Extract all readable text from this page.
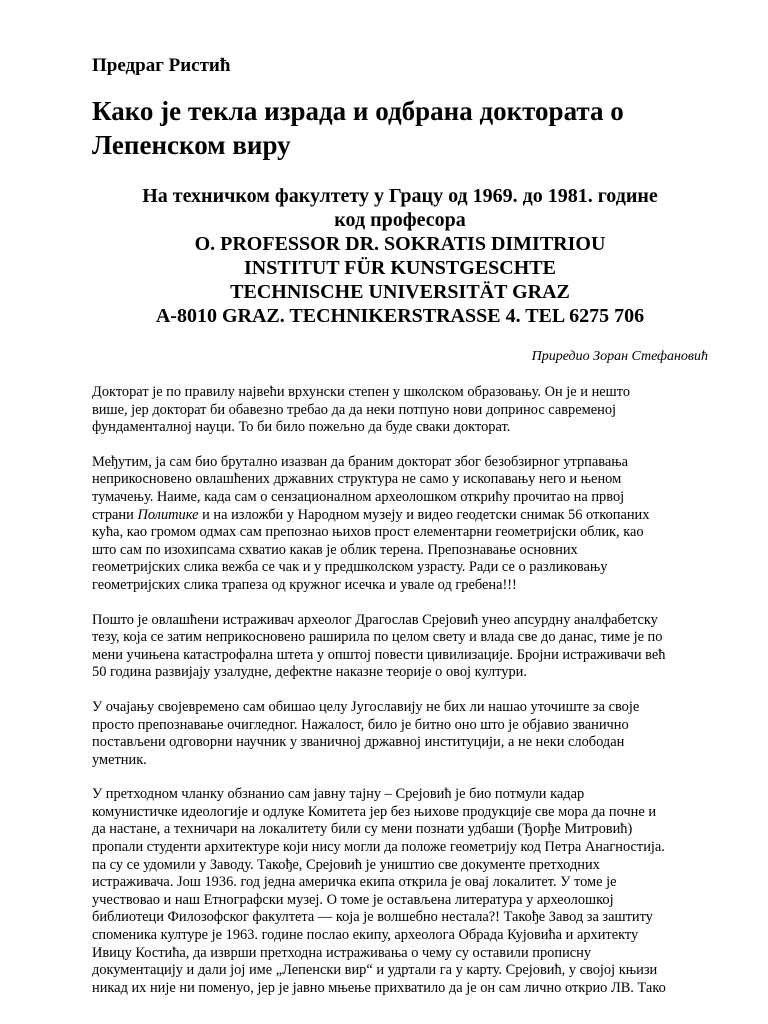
Предраг Ристић
Како је текла израда и одбрана доктората о
Лепенском виру
На техничком факултету у Грацу од 1969. до 1981. године
код професора
O. PROFESSOR DR. SOKRATIS DIMITRIOU
INSTITUT FÜR KUNSTGESCHTE
TECHNISCHE UNIVERSITÄT GRAZ
A-8010 GRAZ. TECHNIKERSTRASSE 4. TEL 6275 706
Приредио Зоран Стефановић
Докторат је по правилу највећи врхунски степен у школском образовању. Он је и нешто
више, јер докторат би обавезно требао да да неки потпуно нови допринос савременој
фундаменталној науци. То би било пожељно да буде сваки докторат.
Међутим, ја сам био брутално изазван да браним докторат због безобзирног утрпавања
неприкосновено овлашћених државних структура не само у ископавању него и њеном
тумачењу. Наиме, када сам о сензационалном археолошком открићу прочитао на првој
страни Политике и на изложби у Народном музеју и видео геодетски снимак 56 откопаних
кућа, као громом одмах сам препознао њихов прост елементарни геометријски облик, као
што сам по изохипсама схватио какав је облик терена. Препознавање основних
геометријских слика вежба се чак и у предшколском узрасту. Ради се о разликовању
геометријских слика трапеза од кружног исечка и увале од гребена!!!
Пошто је овлашћени истраживач археолог Драгослав Срејовић унео апсурдну аналфабетску
тезу, која се затим неприкосновено раширила по целом свету и влада све до данас, тиме је по
мени учињена катастрофална штета у општој повести цивилизације. Бројни истраживачи већ
50 година развијају узалудне, дефектне наказне теорије о овој култури.
У очајању својевремено сам обишао целу Југославију не бих ли нашао уточиште за своје
просто препознавање очигледног. Нажалост, било је битно оно што је објавио званично
постављени одговорни научник у званичној државној институцији, а не неки слободан
уметник.
У претходном чланку обзнанио сам јавну тајну – Срејовић је био потмули кадар
комунистичке идеологије и одлуке Комитета јер без њихове продукције све мора да почне и
да настане, а техничари на локалитету били су мени познати удбаши (Ђорђе Митровић)
пропали студенти архитектуре који нису могли да положе геометрију код Петра Анагностија.
па су се удомили у Заводу. Такође, Срејовић је уништио све документе претходних
истраживача. Још 1936. год једна америчка екипа открила је овај локалитет. У томе је
учествовао и наш Етнографски музеј. О томе је остављена литература у археолошкој
библиотеци Филозофског факултета — која је волшебно нестала?! Такође Завод за заштиту
споменика културе је 1963. године послао екипу, археолога Обрада Кујовића и архитекту
Ивицу Костића, да изврши претходна истраживања о чему су оставили прописну
документацију и дали јој име „Лепенски вир“ и удртали га у карту. Срејовић, у својој књизи
никад их није ни поменуо, јер је јавно мњење прихватило да је он сам лично открио ЛВ. Тако
